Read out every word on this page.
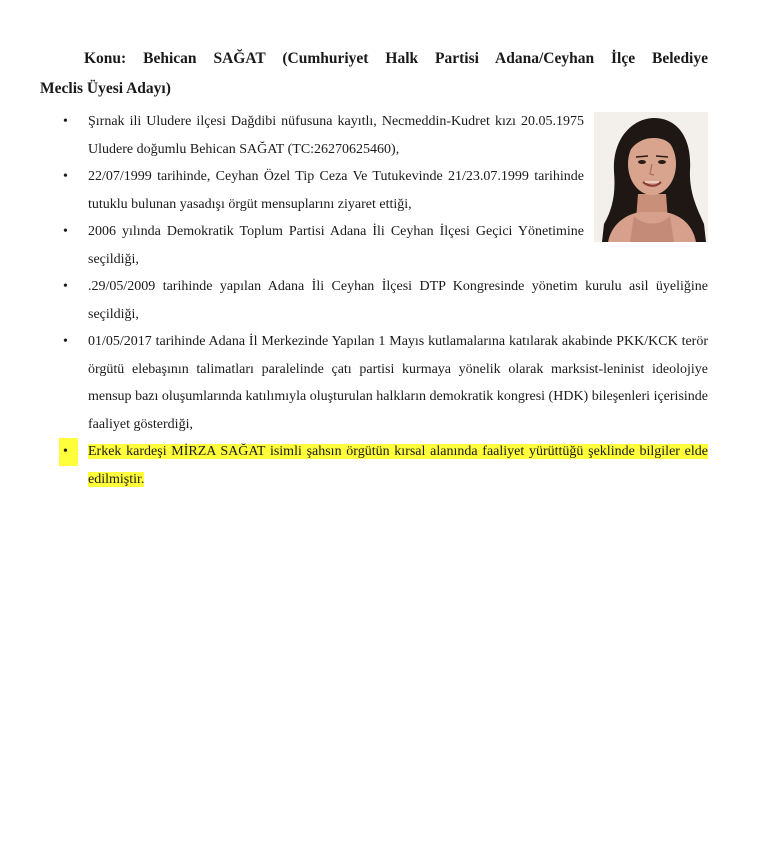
Konu: Behican SAĞAT (Cumhuriyet Halk Partisi Adana/Ceyhan İlçe Belediye
Meclis Üyesi Adayı)
• Şırnak ili Uludere ilçesi Dağdibi nüfusuna kayıtlı, Necmeddin-Kudret kızı 20.05.1975 Uludere doğumlu Behican SAĞAT (TC:26270625460),
• 22/07/1999 tarihinde, Ceyhan Özel Tip Ceza Ve Tutukevinde 21/23.07.1999 tarihinde tutuklu bulunan yasadışı örgüt mensuplarını ziyaret ettiği,
• 2006 yılında Demokratik Toplum Partisi Adana İli Ceyhan İlçesi Geçici Yönetimine seçildiği,
• .29/05/2009 tarihinde yapılan Adana İli Ceyhan İlçesi DTP Kongresinde yönetim kurulu asil üyeliğine seçildiği,
• 01/05/2017 tarihinde Adana İl Merkezinde Yapılan 1 Mayıs kutlamalarına katılarak akabinde PKK/KCK terör örgütü elebaşının talimatları paralelinde çatı partisi kurmaya yönelik olarak marksist-leninist ideolojiye mensup bazı oluşumlarında katılımıyla oluşturulan halkların demokratik kongresi (HDK) bileşenleri içerisinde faaliyet gösterdiği,
•	Erkek kardeşi MİRZA SAĞAT isimli şahsın örgütün kırsal alanında faaliyet yürüttüğü şeklinde bilgiler elde edilmiştir.
